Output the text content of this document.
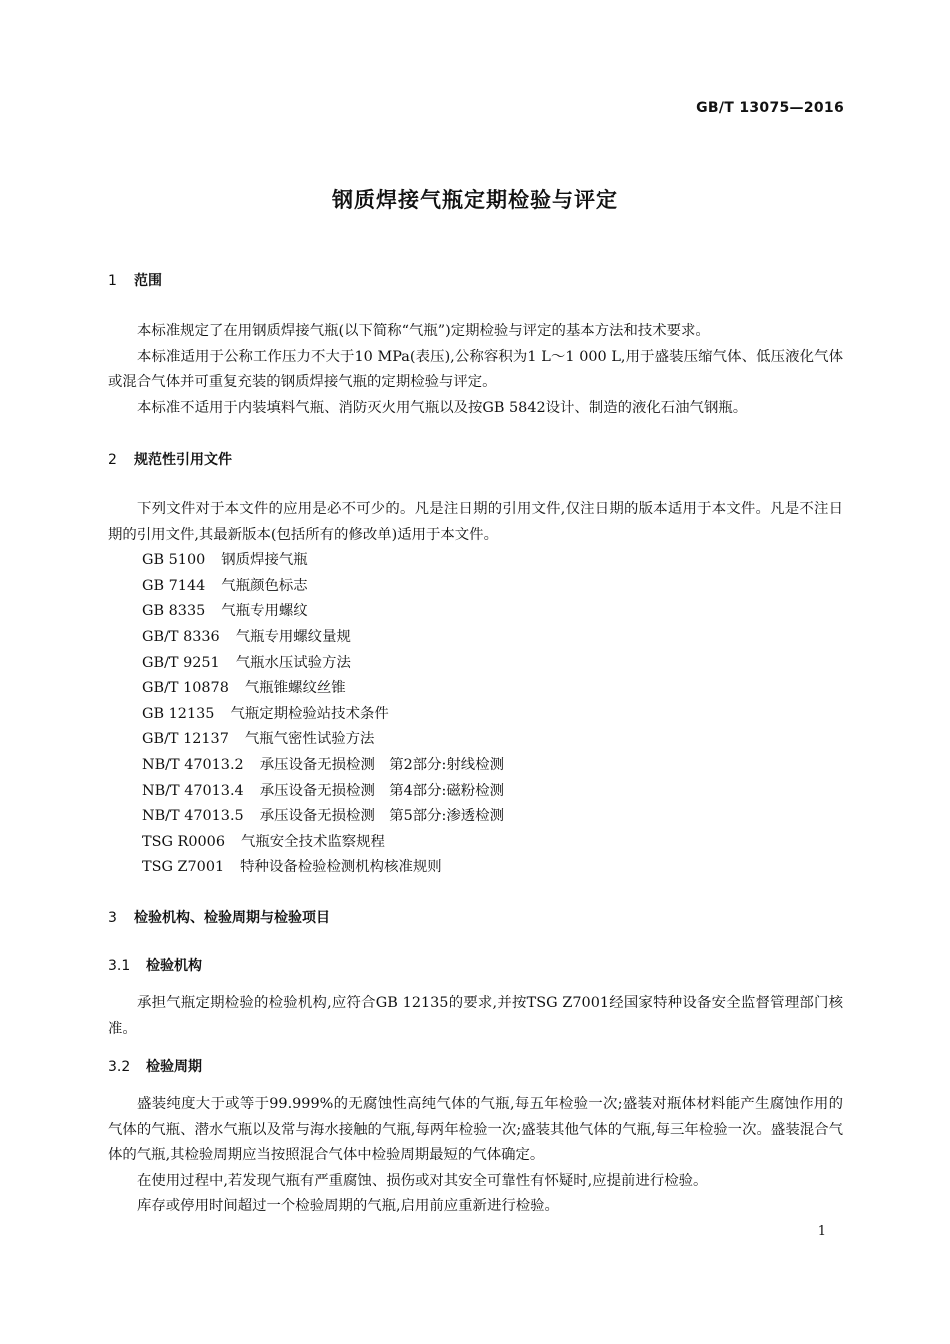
GB/T 13075—2016
钢质焊接气瓶定期检验与评定
1 范围

本标准规定了在用钢质焊接气瓶(以下简称“气瓶”)定期检验与评定的基本方法和技术要求。

本标准适用于公称工作压力不大于10 MPa(表压),公称容积为1 L～1 000 L,用于盛装压缩气体、低压液化气体或混合气体并可重复充装的钢质焊接气瓶的定期检验与评定。

本标准不适用于内装填料气瓶、消防灭火用气瓶以及按GB 5842设计、制造的液化石油气钢瓶。

2 规范性引用文件

下列文件对于本文件的应用是必不可少的。凡是注日期的引用文件,仅注日期的版本适用于本文件。凡是不注日期的引用文件,其最新版本(包括所有的修改单)适用于本文件。

GB 5100 钢质焊接气瓶
GB 7144 气瓶颜色标志
GB 8335 气瓶专用螺纹
GB/T 8336 气瓶专用螺纹量规
GB/T 9251 气瓶水压试验方法
GB/T 10878 气瓶锥螺纹丝锥
GB 12135 气瓶定期检验站技术条件
GB/T 12137 气瓶气密性试验方法
NB/T 47013.2 承压设备无损检测　第2部分:射线检测
NB/T 47013.4 承压设备无损检测　第4部分:磁粉检测
NB/T 47013.5 承压设备无损检测　第5部分:渗透检测
TSG R0006 气瓶安全技术监察规程
TSG Z7001 特种设备检验检测机构核准规则
3 检验机构、检验周期与检验项目
3.1 检验机构

承担气瓶定期检验的检验机构,应符合GB 12135的要求,并按TSG Z7001经国家特种设备安全监督管理部门核准。

3.2 检验周期

盛装纯度大于或等于99.999%的无腐蚀性高纯气体的气瓶,每五年检验一次;盛装对瓶体材料能产生腐蚀作用的气体的气瓶、潜水气瓶以及常与海水接触的气瓶,每两年检验一次;盛装其他气体的气瓶,每三年检验一次。盛装混合气体的气瓶,其检验周期应当按照混合气体中检验周期最短的气体确定。

在使用过程中,若发现气瓶有严重腐蚀、损伤或对其安全可靠性有怀疑时,应提前进行检验。

库存或停用时间超过一个检验周期的气瓶,启用前应重新进行检验。

1
